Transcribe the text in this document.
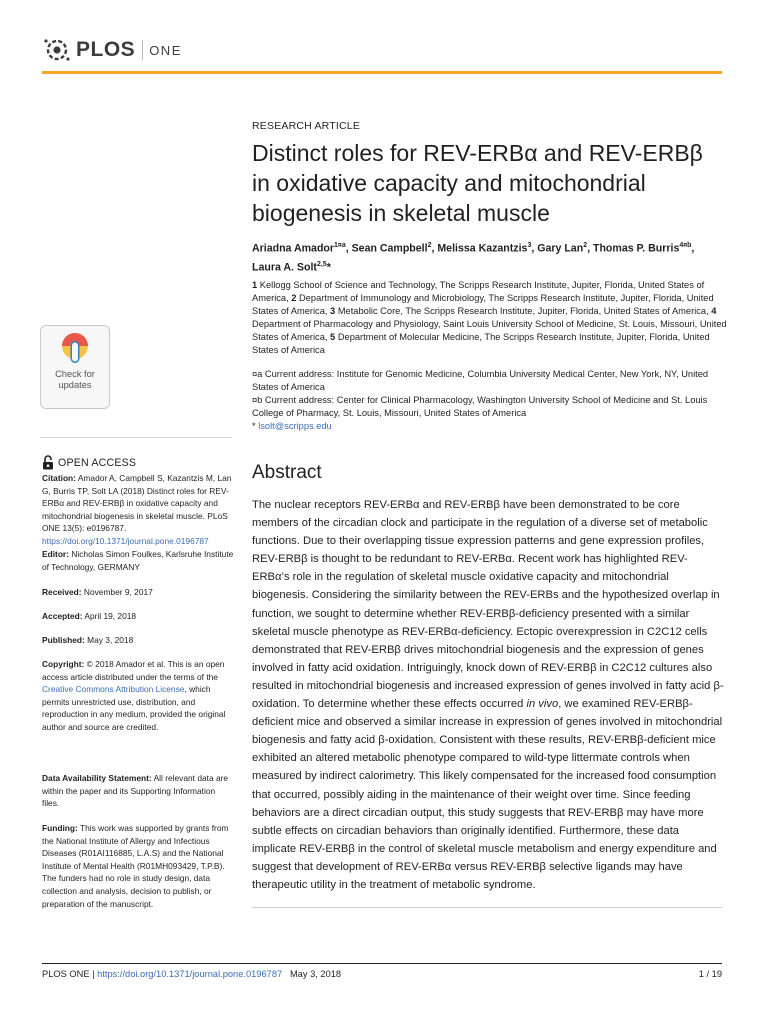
PLOS ONE
Check for updates
OPEN ACCESS
Citation: Amador A, Campbell S, Kazantzis M, Lan G, Burris TP, Solt LA (2018) Distinct roles for REV-ERBα and REV-ERBβ in oxidative capacity and mitochondrial biogenesis in skeletal muscle. PLoS ONE 13(5): e0196787. https://doi.org/10.1371/journal.pone.0196787
Editor: Nicholas Simon Foulkes, Karlsruhe Institute of Technology, GERMANY
Received: November 9, 2017
Accepted: April 19, 2018
Published: May 3, 2018
Copyright: © 2018 Amador et al. This is an open access article distributed under the terms of the Creative Commons Attribution License, which permits unrestricted use, distribution, and reproduction in any medium, provided the original author and source are credited.
Data Availability Statement: All relevant data are within the paper and its Supporting Information files.
Funding: This work was supported by grants from the National Institute of Allergy and Infectious Diseases (R01AI116885, L.A.S) and the National Institute of Mental Health (R01MH093429, T.P.B). The funders had no role in study design, data collection and analysis, decision to publish, or preparation of the manuscript.
RESEARCH ARTICLE
Distinct roles for REV-ERBα and REV-ERBβ in oxidative capacity and mitochondrial biogenesis in skeletal muscle
Ariadna Amador$^{1¤a}$, Sean Campbell$^2$, Melissa Kazantzis$^3$, Gary Lan$^2$, Thomas P. Burris$^{4¤b}$,
Laura A. Solt$^{2,5}$*
1 Kellogg School of Science and Technology, The Scripps Research Institute, Jupiter, Florida, United States of America, 2 Department of Immunology and Microbiology, The Scripps Research Institute, Jupiter, Florida, United States of America, 3 Metabolic Core, The Scripps Research Institute, Jupiter, Florida, United States of America, 4 Department of Pharmacology and Physiology, Saint Louis University School of Medicine, St. Louis, Missouri, United States of America, 5 Department of Molecular Medicine, The Scripps Research Institute, Jupiter, Florida, United States of America
¤a Current address: Institute for Genomic Medicine, Columbia University Medical Center, New York, NY, United States of America
¤b Current address: Center for Clinical Pharmacology, Washington University School of Medicine and St. Louis College of Pharmacy, St. Louis, Missouri, United States of America
* lsolt@scripps.edu
Abstract
The nuclear receptors REV-ERBα and REV-ERBβ have been demonstrated to be core members of the circadian clock and participate in the regulation of a diverse set of metabolic functions. Due to their overlapping tissue expression patterns and gene expression profiles, REV-ERBβ is thought to be redundant to REV-ERBα. Recent work has highlighted REV-ERBα’s role in the regulation of skeletal muscle oxidative capacity and mitochondrial biogenesis. Considering the similarity between the REV-ERBs and the hypothesized overlap in function, we sought to determine whether REV-ERBβ-deficiency presented with a similar skeletal muscle phenotype as REV-ERBα-deficiency. Ectopic overexpression in C2C12 cells demonstrated that REV-ERBβ drives mitochondrial biogenesis and the expression of genes involved in fatty acid oxidation. Intriguingly, knock down of REV-ERBβ in C2C12 cultures also resulted in mitochondrial biogenesis and increased expression of genes involved in fatty acid β-oxidation. To determine whether these effects occurred in vivo, we examined REV-ERBβ-deficient mice and observed a similar increase in expression of genes involved in mitochondrial biogenesis and fatty acid β-oxidation. Consistent with these results, REV-ERBβ-deficient mice exhibited an altered metabolic phenotype compared to wild-type littermate controls when measured by indirect calorimetry. This likely compensated for the increased food consumption that occurred, possibly aiding in the maintenance of their weight over time. Since feeding behaviors are a direct circadian output, this study suggests that REV-ERBβ may have more subtle effects on circadian behaviors than originally identified. Furthermore, these data implicate REV-ERBβ in the control of skeletal muscle metabolism and energy expenditure and suggest that development of REV-ERBα versus REV-ERBβ selective ligands may have therapeutic utility in the treatment of metabolic syndrome.
PLOS ONE | https://doi.org/10.1371/journal.pone.0196787 May 3, 2018	1 / 19
